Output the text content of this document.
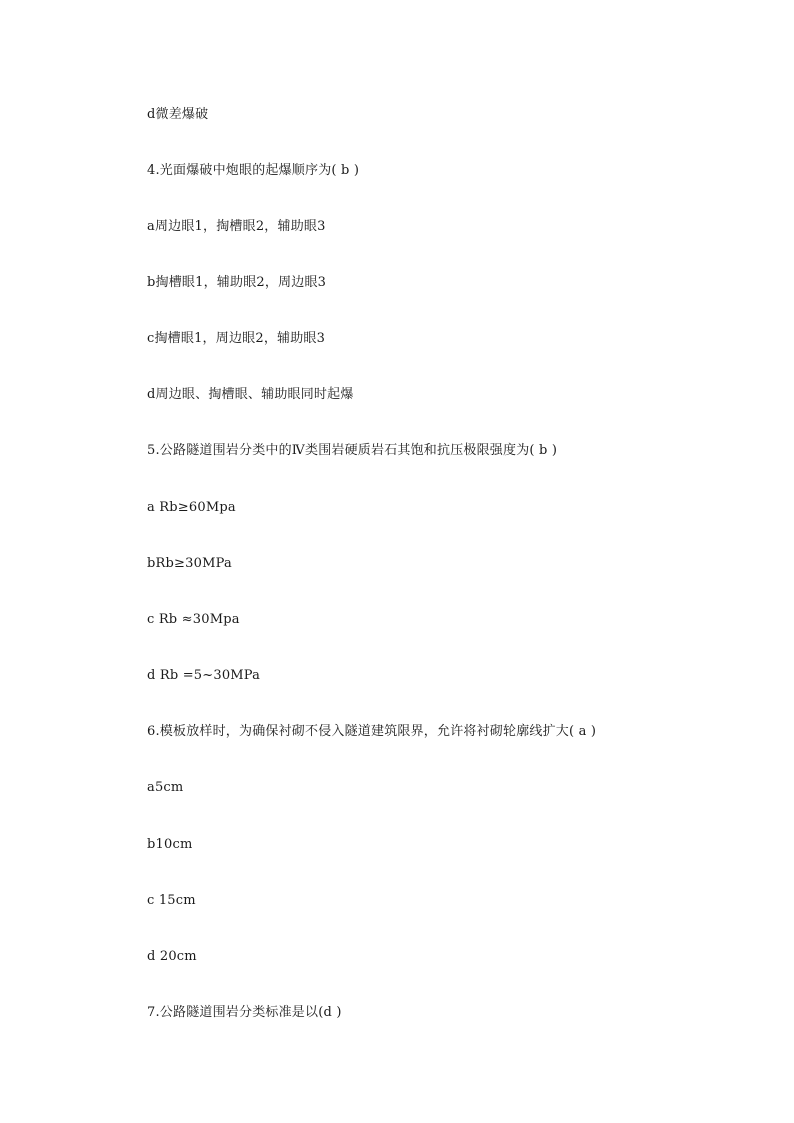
d微差爆破
4.光面爆破中炮眼的起爆顺序为( b )
a周边眼1，掏槽眼2，辅助眼3
b掏槽眼1，辅助眼2，周边眼3
c掏槽眼1，周边眼2，辅助眼3
d周边眼、掏槽眼、辅助眼同时起爆
5.公路隧道围岩分类中的Ⅳ类围岩硬质岩石其饱和抗压极限强度为( b )
a Rb≥60Mpa
bRb≥30MPa
c Rb ≈30Mpa
d Rb =5~30MPa
6.模板放样时，为确保衬砌不侵入隧道建筑限界，允许将衬砌轮廓线扩大( a )
a5cm
b10cm
c 15cm
d 20cm
7.公路隧道围岩分类标准是以(d )
